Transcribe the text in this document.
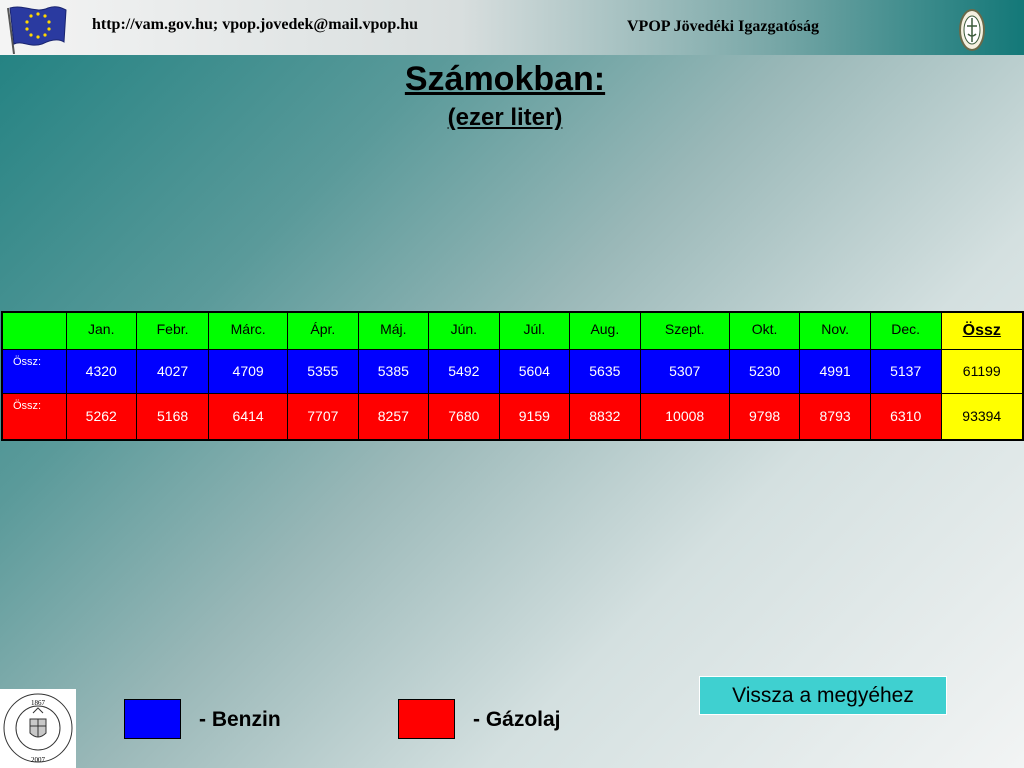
http://vam.gov.hu; vpop.jovedek@mail.vpop.hu	VPOP Jövedéki Igazgatóság
Számokban:
(ezer liter)
	Jan.	Febr.	Márc.	Ápr.	Máj.	Jún.	Júl.	Aug.	Szept.	Okt.	Nov.	Dec.	Össz
Össz:	4320	4027	4709	5355	5385	5492	5604	5635	5307	5230	4991	5137	61199
Össz:	5262	5168	6414	7707	8257	7680	9159	8832	10008	9798	8793	6310	93394
Vissza a megyéhez
1867
2007
- Benzin	- Gázolaj
